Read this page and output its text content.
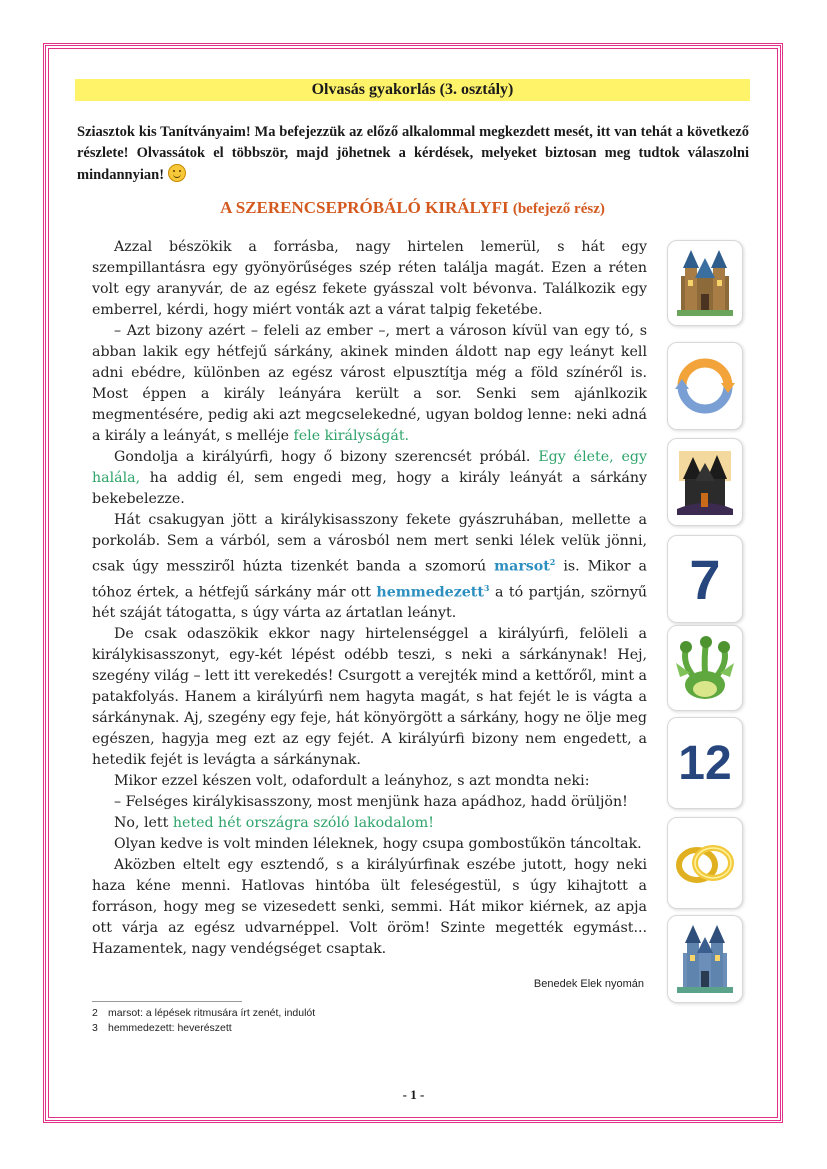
Olvasás gyakorlás (3. osztály)
Sziasztok kis Tanítványaim! Ma befejezzük az előző alkalommal megkezdett mesét, itt van tehát a következő részlete! Olvassátok el többször, majd jöhetnek a kérdések, melyeket biztosan meg tudtok válaszolni mindannyian!
A SZERENCSEPRÓBÁLÓ KIRÁLYFI (befejező rész)

Azzal bészökik a forrásba, nagy hirtelen lemerül, s hát egy szempillantásra egy gyönyörűséges szép réten találja magát. Ezen a réten volt egy aranyvár, de az egész fekete gyásszal volt bévonva. Találkozik egy emberrel, kérdi, hogy miért vonták azt a várat talpig feketébe.

– Azt bizony azért – feleli az ember –, mert a városon kívül van egy tó, s abban lakik egy hétfejű sárkány, akinek minden áldott nap egy leányt kell adni ebédre, különben az egész várost elpusztítja még a föld színéről is. Most éppen a király leányára került a sor. Senki sem ajánlkozik megmentésére, pedig aki azt megcselekedné, ugyan boldog lenne: neki adná a király a leányát, s melléje fele királyságát.

Gondolja a királyúrfi, hogy ő bizony szerencsét próbál. Egy élete, egy halála, ha addig él, sem engedi meg, hogy a király leányát a sárkány bekebelezze.

Hát csakugyan jött a királykisasszony fekete gyászruhában, mellette a porkoláb. Sem a várból, sem a városból nem mert senki lélek velük jönni, csak úgy messziről húzta tizenkét banda a szomorú marsot$^2$ is. Mikor a tóhoz értek, a hétfejű sárkány már ott hemmedezett$^3$ a tó partján, szörnyű hét száját tátogatta, s úgy várta az ártatlan leányt.

De csak odaszökik ekkor nagy hirtelenséggel a királyúrfi, felöleli a királykisasszonyt, egy-két lépést odébb teszi, s neki a sárkánynak! Hej, szegény világ – lett itt verekedés! Csurgott a verejték mind a kettőről, mint a patakfolyás. Hanem a királyúrfi nem hagyta magát, s hat fejét le is vágta a sárkánynak. Aj, szegény egy feje, hát könyörgött a sárkány, hogy ne ölje meg egészen, hagyja meg ezt az egy fejét. A királyúrfi bizony nem engedett, a hetedik fejét is levágta a sárkánynak.

Mikor ezzel készen volt, odafordult a leányhoz, s azt mondta neki:

– Felséges királykisasszony, most menjünk haza apádhoz, hadd örüljön!

No, lett heted hét országra szóló lakodalom!

Olyan kedve is volt minden léleknek, hogy csupa gombostűkön táncoltak.

Aközben eltelt egy esztendő, s a királyúrfinak eszébe jutott, hogy neki haza kéne menni. Hatlovas hintóba ült feleségestül, s úgy kihajtott a forráson, hogy meg se vizesedett senki, semmi. Hát mikor kiérnek, az apja ott várja az egész udvarnéppel. Volt öröm! Szinte megették egymást... Hazamentek, nagy vendégséget csaptak.

Benedek Elek nyomán
2 marsot: a lépések ritmusára írt zenét, indulót
3 hemmedezett: heverészett
- 1 -
7
12
